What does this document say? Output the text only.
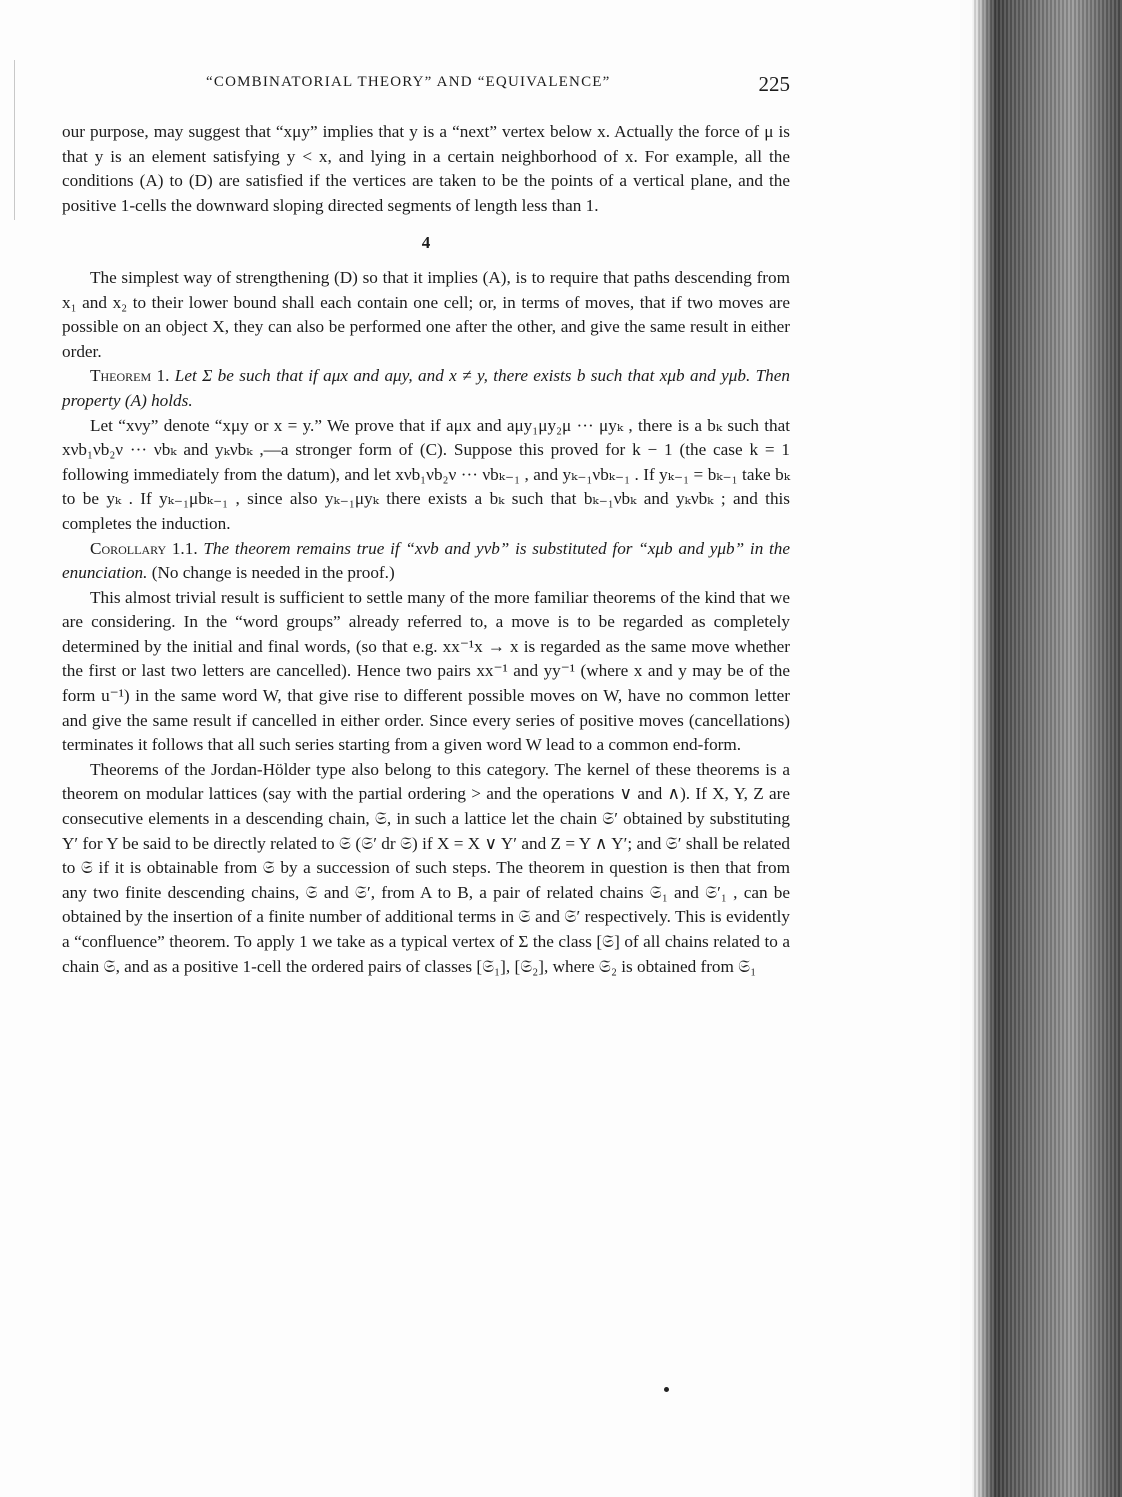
“COMBINATORIAL THEORY” AND “EQUIVALENCE”	225

our purpose, may suggest that “xμy” implies that y is a “next” vertex below x. Actually the force of μ is that y is an element satisfying y < x, and lying in a certain neighborhood of x. For example, all the conditions (A) to (D) are satisfied if the vertices are taken to be the points of a vertical plane, and the positive 1-cells the downward sloping directed segments of length less than 1.

4

The simplest way of strengthening (D) so that it implies (A), is to require that paths descending from x₁ and x₂ to their lower bound shall each contain one cell; or, in terms of moves, that if two moves are possible on an object X, they can also be performed one after the other, and give the same result in either order.

Theorem 1. Let Σ be such that if aμx and aμy, and x ≠ y, there exists b such that xμb and yμb. Then property (A) holds.

Let “xνy” denote “xμy or x = y.” We prove that if aμx and aμy₁μy₂μ ··· μyₖ , there is a bₖ such that xνb₁νb₂ν ··· νbₖ and yₖνbₖ ,—a stronger form of (C). Suppose this proved for k − 1 (the case k = 1 following immediately from the datum), and let xνb₁νb₂ν ··· νbₖ₋₁ , and yₖ₋₁νbₖ₋₁ . If yₖ₋₁ = bₖ₋₁ take bₖ to be yₖ . If yₖ₋₁μbₖ₋₁ , since also yₖ₋₁μyₖ there exists a bₖ such that bₖ₋₁νbₖ and yₖνbₖ ; and this completes the induction.

Corollary 1.1. The theorem remains true if “xνb and yνb” is substituted for “xμb and yμb” in the enunciation. (No change is needed in the proof.)

This almost trivial result is sufficient to settle many of the more familiar theorems of the kind that we are considering. In the “word groups” already referred to, a move is to be regarded as completely determined by the initial and final words, (so that e.g. xx⁻¹x → x is regarded as the same move whether the first or last two letters are cancelled). Hence two pairs xx⁻¹ and yy⁻¹ (where x and y may be of the form u⁻¹) in the same word W, that give rise to different possible moves on W, have no common letter and give the same result if cancelled in either order. Since every series of positive moves (cancellations) terminates it follows that all such series starting from a given word W lead to a common end-form.

Theorems of the Jordan-Hölder type also belong to this category. The kernel of these theorems is a theorem on modular lattices (say with the partial ordering > and the operations ∨ and ∧). If X, Y, Z are consecutive elements in a descending chain, 𝔖, in such a lattice let the chain 𝔖′ obtained by substituting Y′ for Y be said to be directly related to 𝔖 (𝔖′ dr 𝔖) if X = X ∨ Y′ and Z = Y ∧ Y′; and 𝔖′ shall be related to 𝔖 if it is obtainable from 𝔖 by a succession of such steps. The theorem in question is then that from any two finite descending chains, 𝔖 and 𝔖′, from A to B, a pair of related chains 𝔖₁ and 𝔖′₁ , can be obtained by the insertion of a finite number of additional terms in 𝔖 and 𝔖′ respectively. This is evidently a “confluence” theorem. To apply 1 we take as a typical vertex of Σ the class [𝔖] of all chains related to a chain 𝔖, and as a positive 1-cell the ordered pairs of classes [𝔖₁], [𝔖₂], where 𝔖₂ is obtained from 𝔖₁
